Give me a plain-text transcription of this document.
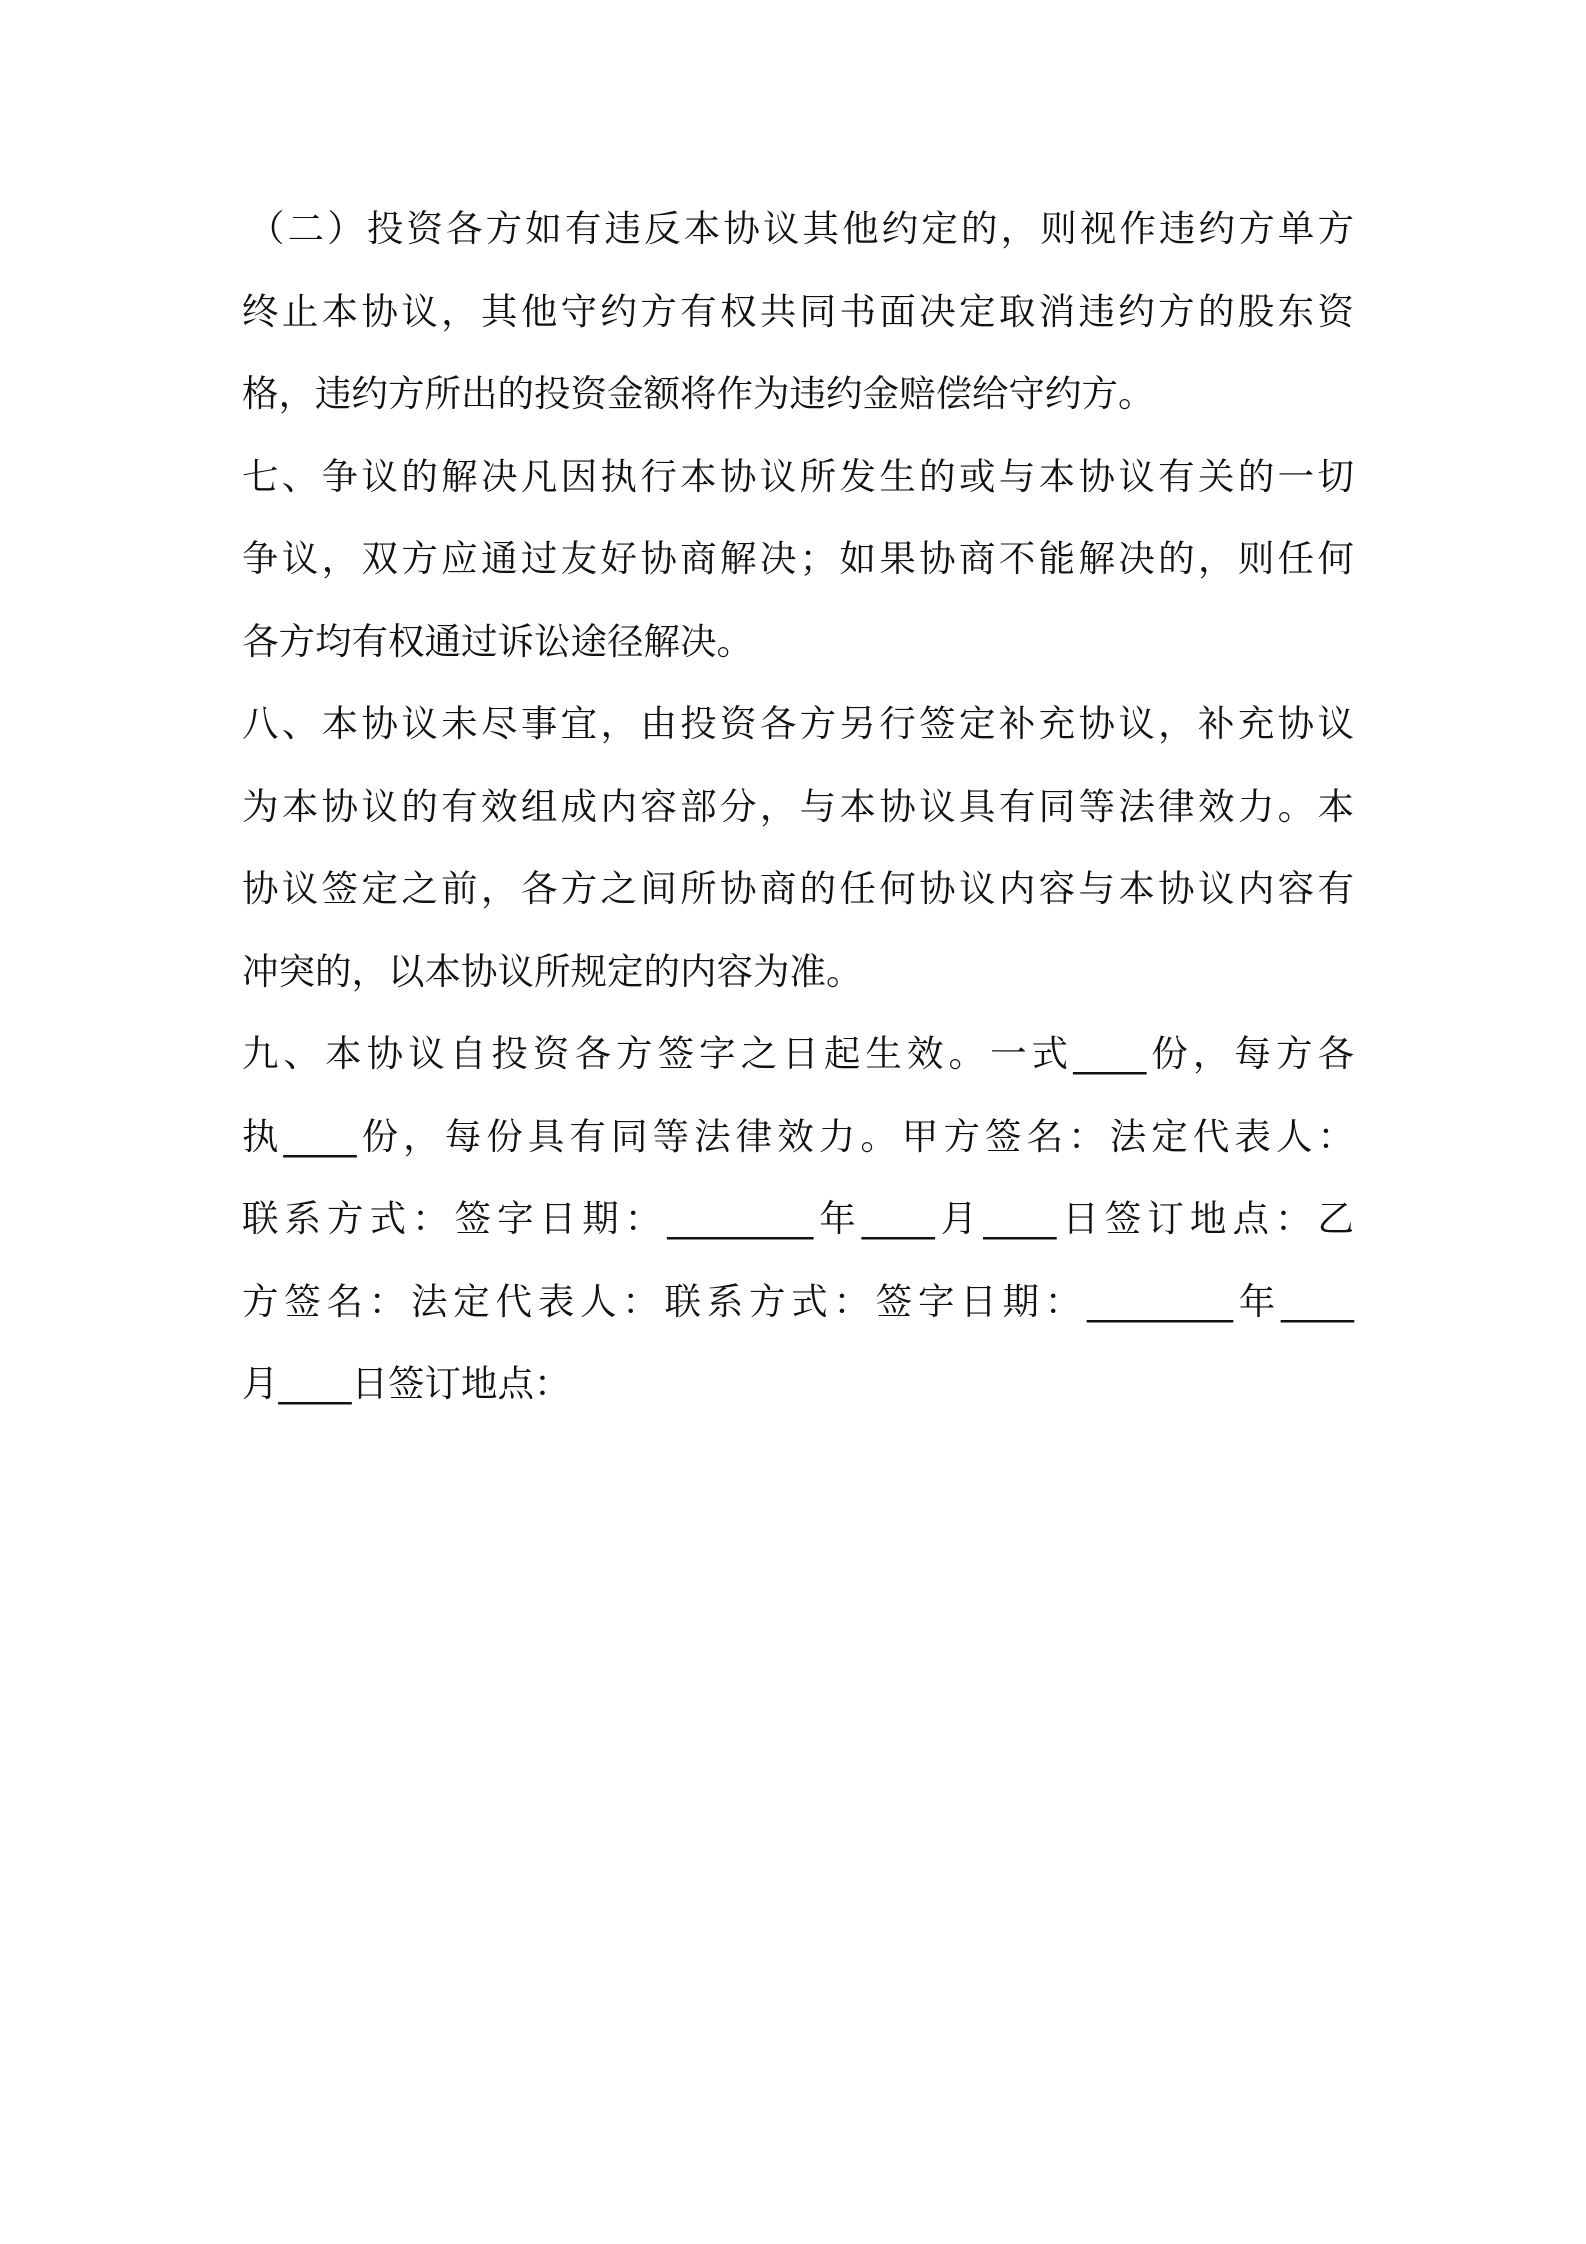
（二）投资各方如有违反本协议其他约定的，则视作违约方单方
终止本协议，其他守约方有权共同书面决定取消违约方的股东资
格，违约方所出的投资金额将作为违约金赔偿给守约方。
七、争议的解决凡因执行本协议所发生的或与本协议有关的一切
争议，双方应通过友好协商解决；如果协商不能解决的，则任何
各方均有权通过诉讼途径解决。
八、本协议未尽事宜，由投资各方另行签定补充协议，补充协议
为本协议的有效组成内容部分，与本协议具有同等法律效力。本
协议签定之前，各方之间所协商的任何协议内容与本协议内容有
冲突的，以本协议所规定的内容为准。
九、本协议自投资各方签字之日起生效。一式____份，每方各
执____份，每份具有同等法律效力。甲方签名：法定代表人：
联系方式：签字日期：________年____月____日签订地点：乙
方签名：法定代表人：联系方式：签字日期：________年____
月____日签订地点：
